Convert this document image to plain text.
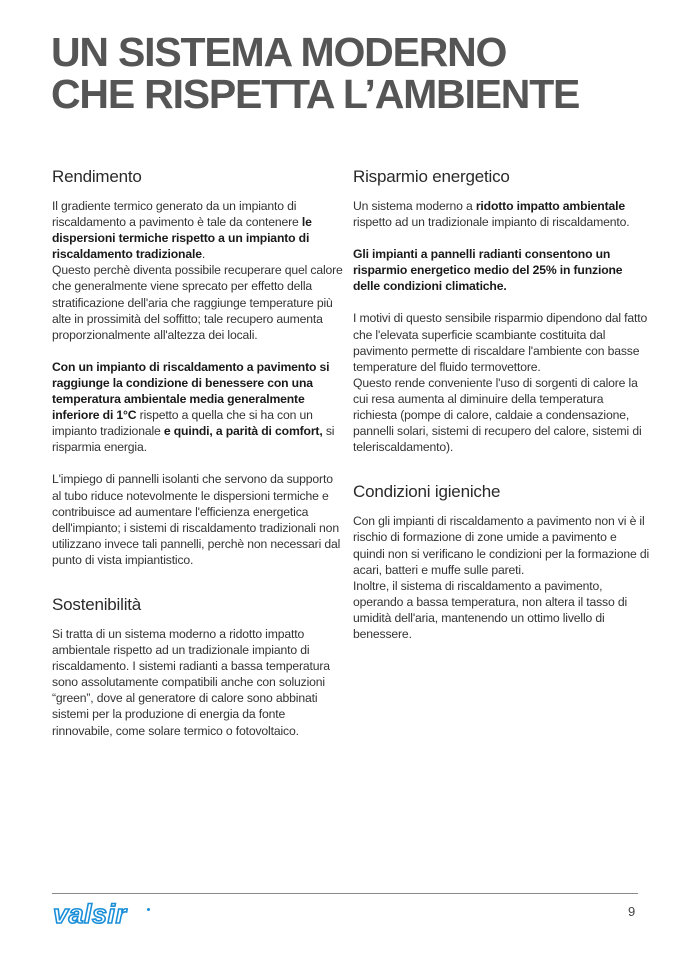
UN SISTEMA MODERNO
CHE RISPETTA L’AMBIENTE
Rendimento

Il gradiente termico generato da un impianto di riscaldamento a pavimento è tale da contenere le dispersioni termiche rispetto a un impianto di riscaldamento tradizionale.

Questo perchè diventa possibile recuperare quel calore che generalmente viene sprecato per effetto della stratificazione dell'aria che raggiunge temperature più alte in prossimità del soffitto; tale recupero aumenta proporzionalmente all'altezza dei locali.

Con un impianto di riscaldamento a pavimento si raggiunge la condizione di benessere con una temperatura ambientale media generalmente inferiore di 1°C rispetto a quella che si ha con un impianto tradizionale e quindi, a parità di comfort, si risparmia energia.

L'impiego di pannelli isolanti che servono da supporto al tubo riduce notevolmente le dispersioni termiche e contribuisce ad aumentare l'efficienza energetica dell'impianto; i sistemi di riscaldamento tradizionali non utilizzano invece tali pannelli, perchè non necessari dal punto di vista impiantistico.

Sostenibilità

Si tratta di un sistema moderno a ridotto impatto ambientale rispetto ad un tradizionale impianto di riscaldamento. I sistemi radianti a bassa temperatura sono assolutamente compatibili anche con soluzioni “green”, dove al generatore di calore sono abbinati sistemi per la produzione di energia da fonte rinnovabile, come solare termico o fotovoltaico.

Risparmio energetico

Un sistema moderno a ridotto impatto ambientale rispetto ad un tradizionale impianto di riscaldamento.

Gli impianti a pannelli radianti consentono un risparmio energetico medio del 25% in funzione delle condizioni climatiche.

I motivi di questo sensibile risparmio dipendono dal fatto che l'elevata superficie scambiante costituita dal pavimento permette di riscaldare l'ambiente con basse temperature del fluido termovettore.

Questo rende conveniente l'uso di sorgenti di calore la cui resa aumenta al diminuire della temperatura richiesta (pompe di calore, caldaie a condensazione, pannelli solari, sistemi di recupero del calore, sistemi di teleriscaldamento).

Condizioni igieniche

Con gli impianti di riscaldamento a pavimento non vi è il rischio di formazione di zone umide a pavimento e quindi non si verificano le condizioni per la formazione di acari, batteri e muffe sulle pareti.

Inoltre, il sistema di riscaldamento a pavimento, operando a bassa temperatura, non altera il tasso di umidità dell'aria, mantenendo un ottimo livello di benessere.

valsir	9
